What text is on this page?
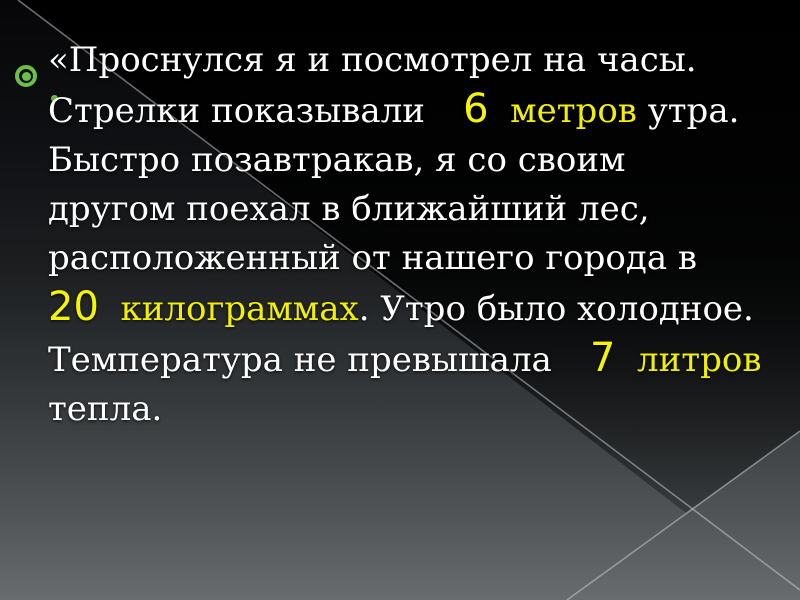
«Проснулся я и посмотрел на часы.
Стрелки показывали   6  метров утра.
Быстро позавтракав, я со своим
другом поехал в ближайший лес,
расположенный от нашего города в
20  килограммах. Утро было холодное.
Температура не превышала   7  литров
тепла.
